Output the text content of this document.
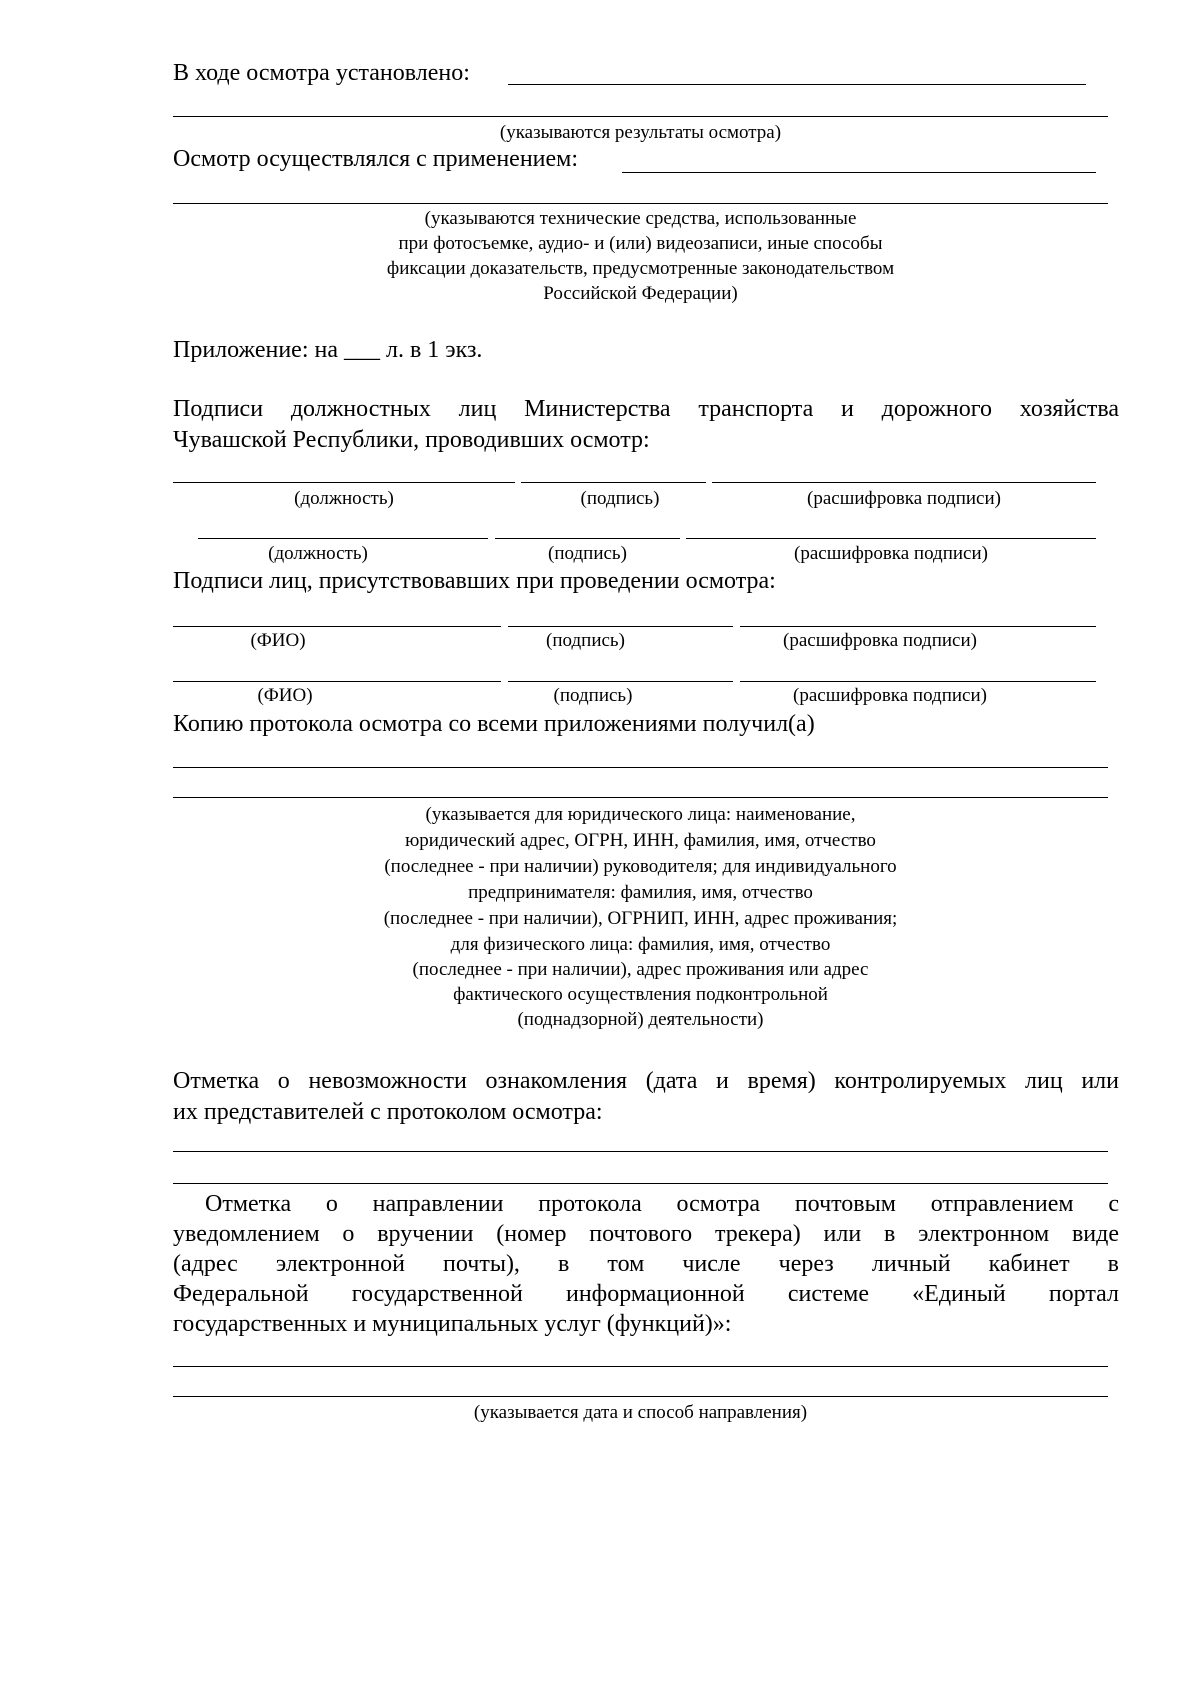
В ходе осмотра установлено:
(указываются результаты осмотра)
Осмотр осуществлялся с применением:
(указываются технические средства, использованные
при фотосъемке, аудио- и (или) видеозаписи, иные способы
фиксации доказательств, предусмотренные законодательством
Российской Федерации)
Приложение: на ___ л. в 1 экз.
Подписи должностных лиц Министерства транспорта и дорожного хозяйства
Чувашской Республики, проводивших осмотр:
(должность)	(подпись)	(расшифровка подписи)
(должность)	(подпись)	(расшифровка подписи)
Подписи лиц, присутствовавших при проведении осмотра:
(ФИО)	(подпись)	(расшифровка подписи)
(ФИО)	(подпись)	(расшифровка подписи)
Копию протокола осмотра со всеми приложениями получил(а)
(указывается для юридического лица: наименование,
юридический адрес, ОГРН, ИНН, фамилия, имя, отчество
(последнее - при наличии) руководителя; для индивидуального
предпринимателя: фамилия, имя, отчество
(последнее - при наличии), ОГРНИП, ИНН, адрес проживания;
для физического лица: фамилия, имя, отчество
(последнее - при наличии), адрес проживания или адрес
фактического осуществления подконтрольной
(поднадзорной) деятельности)
Отметка о невозможности ознакомления (дата и время) контролируемых лиц или
их представителей с протоколом осмотра:
Отметка о направлении протокола осмотра почтовым отправлением с
уведомлением о вручении (номер почтового трекера) или в электронном виде
(адрес электронной почты), в том числе через личный кабинет в
Федеральной государственной информационной системе «Единый портал
государственных и муниципальных услуг (функций)»:
(указывается дата и способ направления)
